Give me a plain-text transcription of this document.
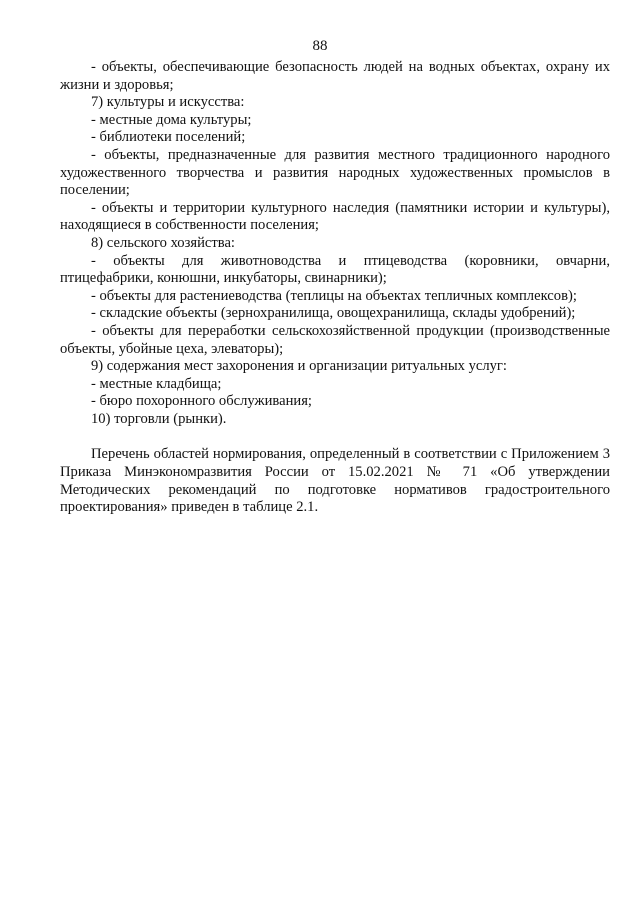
88

- объекты, обеспечивающие безопасность людей на водных объектах, охрану их жизни и здоровья;

7) культуры и искусства:

- местные дома культуры;

- библиотеки поселений;

- объекты, предназначенные для развития местного традиционного народного художественного творчества и развития народных художественных промыслов в поселении;

- объекты и территории культурного наследия (памятники истории и культуры), находящиеся в собственности поселения;

8) сельского хозяйства:

- объекты для животноводства и птицеводства (коровники, овчарни, птицефабрики, конюшни, инкубаторы, свинарники);

- объекты для растениеводства (теплицы на объектах тепличных комплексов);

- складские объекты (зернохранилища, овощехранилища, склады удобрений);

- объекты для переработки сельскохозяйственной продукции (производственные объекты, убойные цеха, элеваторы);

9) содержания мест захоронения и организации ритуальных услуг:

- местные кладбища;

- бюро похоронного обслуживания;

10) торговли (рынки).

Перечень областей нормирования, определенный в соответствии с Приложением 3 Приказа Минэкономразвития России от 15.02.2021 № 71 «Об утверждении Методических рекомендаций по подготовке нормативов градостроительного проектирования» приведен в таблице 2.1.
